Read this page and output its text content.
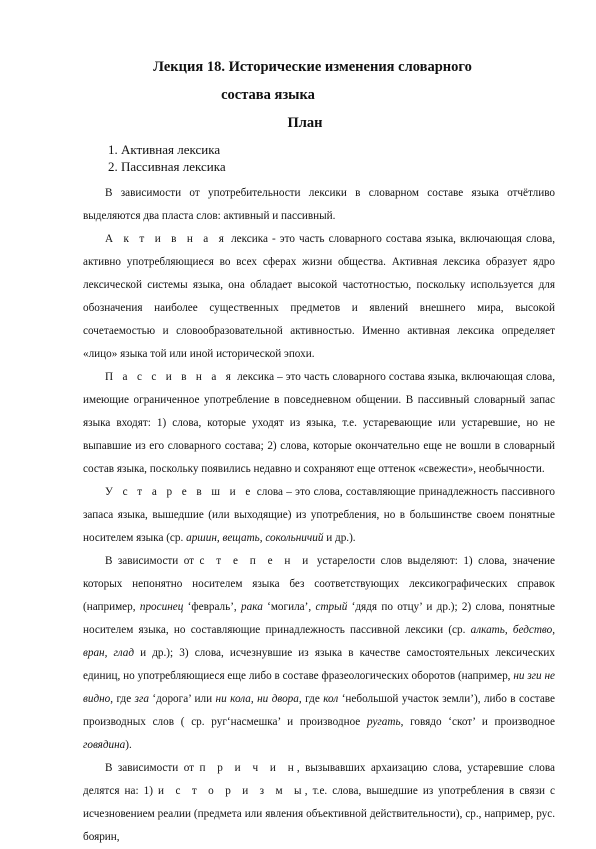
Лекция 18. Исторические изменения словарного
состава языка
План
1. Активная лексика
2. Пассивная лексика

В зависимости от употребительности лексики в словарном составе языка отчётливо выделяются два пласта слов: активный и пассивный.

А к т и в н а я лексика - это часть словарного состава языка, включающая слова, активно употребляющиеся во всех сферах жизни общества. Активная лексика образует ядро лексической системы языка, она обладает высокой частотностью, поскольку используется для обозначения наиболее существенных предметов и явлений внешнего мира, высокой сочетаемостью и словообразовательной активностью. Именно активная лексика определяет «лицо» языка той или иной исторической эпохи.

П а с с и в н а я лексика – это часть словарного состава языка, включающая слова, имеющие ограниченное употребление в повседневном общении. В пассивный словарный запас языка входят: 1) слова, которые уходят из языка, т.е. устаревающие или устаревшие, но не выпавшие из его словарного состава; 2) слова, которые окончательно еще не вошли в словарный состав языка, поскольку появились недавно и сохраняют еще оттенок «свежести», необычности.

У с т а р е в ш и е слова – это слова, составляющие принадлежность пассивного запаса языка, вышедшие (или выходящие) из употребления, но в большинстве своем понятные носителем языка (ср. аршин, вещать, сокольничий и др.).

В зависимости от с т е п е н и устарелости слов выделяют: 1) слова, значение которых непонятно носителем языка без соответствующих лексикографических справок (например, просинец ‘февраль’, рака ‘могила’, стрый ‘дядя по отцу’ и др.); 2) слова, понятные носителем языка, но составляющие принадлежность пассивной лексики (ср. алкать, бедство, вран, глад и др.); 3) слова, исчезнувшие из языка в качестве самостоятельных лексических единиц, но употребляющиеся еще либо в составе фразеологических оборотов (например, ни зги не видно, где зга ‘дорога’ или ни кола, ни двора, где кол ‘небольшой участок земли’), либо в составе производных слов ( ср. руг‘насмешка’ и производное ругать, говядо ‘скот’ и производное говядина).

В зависимости от п р и ч и н, вызывавших архаизацию слова, устаревшие слова делятся на: 1) и с т о р и з м ы, т.е. слова, вышедшие из употребления в связи с исчезновением реалии (предмета или явления объективной действительности), ср., например, рус. боярин,
